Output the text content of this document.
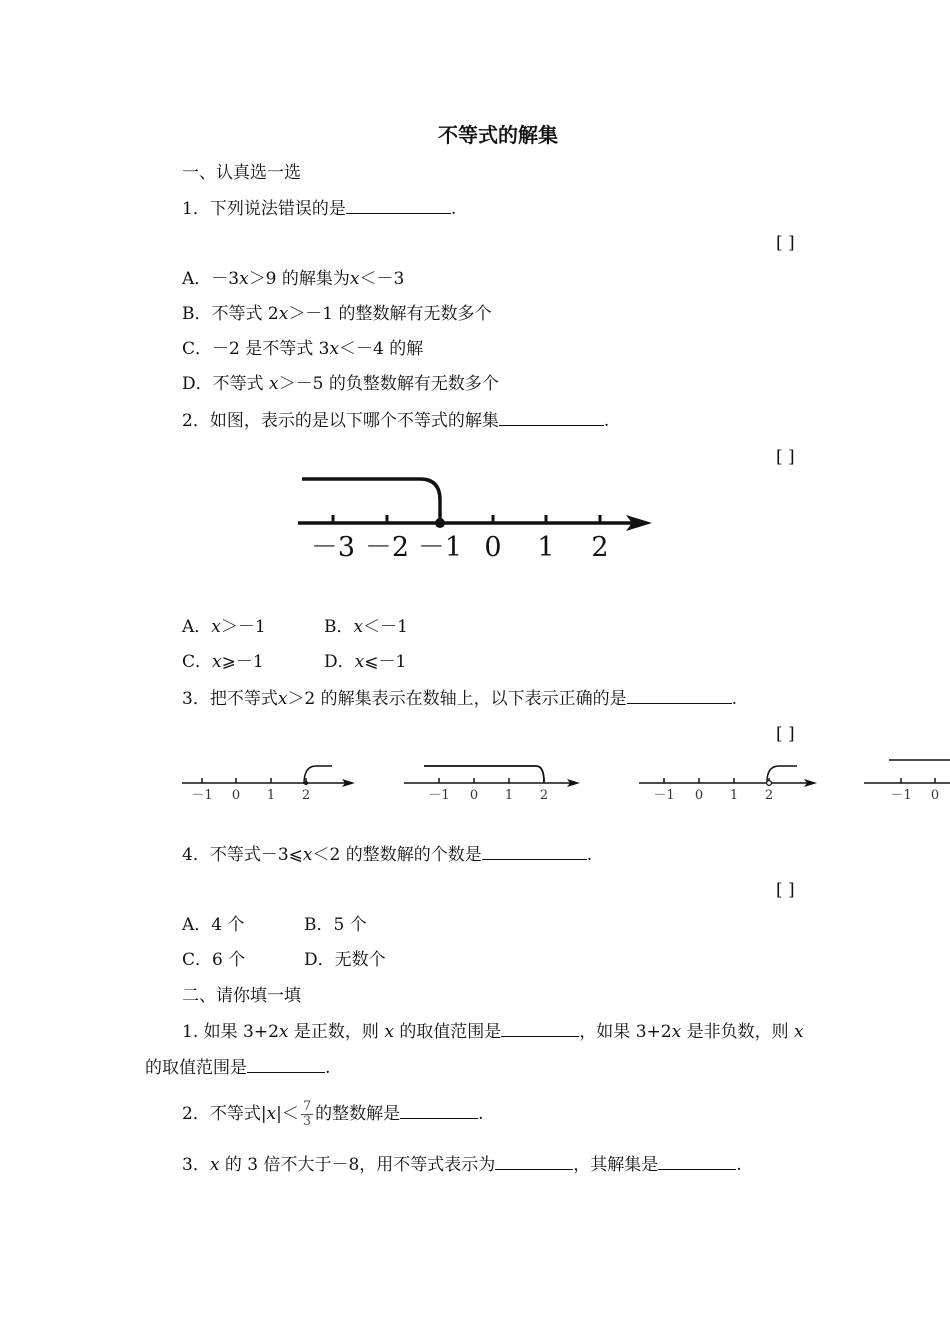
不等式的解集
一、认真选一选
1．下列说法错误的是	.
[ ]
A．－3x＞9 的解集为x＜－3
B．不等式 2x＞－1 的整数解有无数多个
C．－2 是不等式 3x＜－4 的解
D．不等式 x＞－5 的负整数解有无数多个
2．如图，表示的是以下哪个不等式的解集	.
[ ]
－3 －2 －1 0 1 2
A．x＞－1	B．x＜－1
C．x⩾－1	D．x⩽－1
3．把不等式x＞2 的解集表示在数轴上，以下表示正确的是	.
[ ]
－1 0 1 2	－1 0 1 2	－1 0 1 2	－1 0
4．不等式－3⩽x＜2 的整数解的个数是	.
[ ]
A．4 个	B．5 个
C．6 个	D．无数个
二、请你填一填
1. 如果 3+2x 是正数，则 x 的取值范围是	，如果 3+2x 是非负数，则 x
的取值范围是	.
2．不等式$|x|< \frac{7}{3}$ 的整数解是	.
3．x 的 3 倍不大于－8，用不等式表示为	，其解集是	.
